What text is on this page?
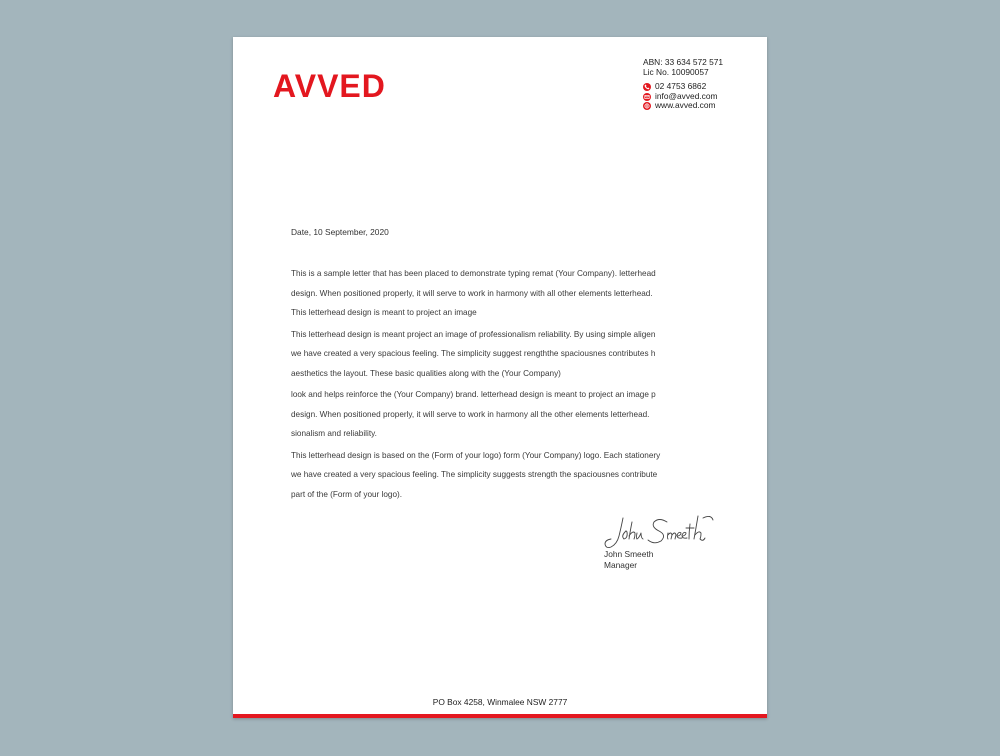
AVVED
ABN: 33 634 572 571
Lic No. 10090057
02 4753 6862
info@avved.com
www.avved.com
Date, 10 September, 2020
This is a sample letter that has been placed to demonstrate typing remat (Your Company). letterhead
design. When positioned properly, it will serve to work in harmony with all other elements letterhead.
This letterhead design is meant to project an image
This letterhead design is meant project an image of professionalism reliability. By using simple aligen
we have created a very spacious feeling. The simplicity suggest rengththe spaciousnes contributes h
aesthetics the layout. These basic qualities along with the (Your Company)
look and helps reinforce the (Your Company) brand. letterhead design is meant to project an image p
design. When positioned properly, it will serve to work in harmony all the other elements letterhead.
sionalism and reliability.
This letterhead design is based on the (Form of your logo) form (Your Company) logo. Each stationery
we have created a very spacious feeling. The simplicity suggests strength the spaciousnes contribute
part of the (Form of your logo).
John Smeeth
Manager
PO Box 4258, Winmalee NSW 2777
